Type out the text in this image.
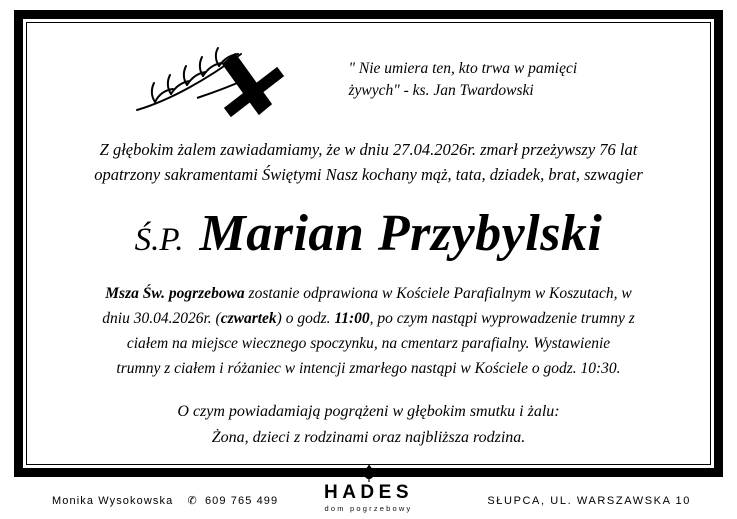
" Nie umiera ten, kto trwa w pamięci żywych" - ks. Jan Twardowski
Z głębokim żalem zawiadamiamy, że w dniu 27.04.2026r. zmarł przeżywszy 76 lat
opatrzony sakramentami Świętymi Nasz kochany mąż, tata, dziadek, brat, szwagier
Ś.P. Marian Przybylski
Msza Św. pogrzebowa zostanie odprawiona w Kościele Parafialnym w Koszutach, w
dniu 30.04.2026r. (czwartek) o godz. 11:00, po czym nastąpi wyprowadzenie trumny z
ciałem na miejsce wiecznego spoczynku, na cmentarz parafialny. Wystawienie
trumny z ciałem i różaniec w intencji zmarłego nastąpi w Kościele o godz. 10:30.
O czym powiadamiają pogrążeni w głębokim smutku i żalu:
Żona, dzieci z rodzinami oraz najbliższa rodzina.
Monika Wysokowska ✆ 609 765 499	HADES
dom pogrzebowy
SŁUPCA, UL. WARSZAWSKA 10
